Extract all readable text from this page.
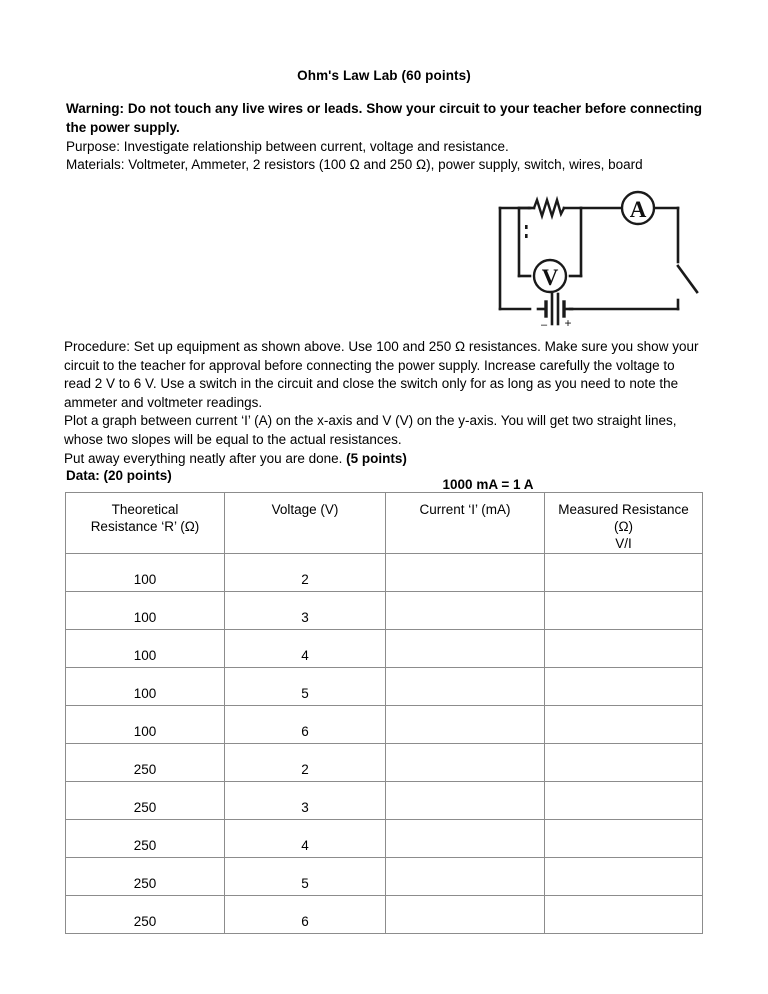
Ohm's Law Lab (60 points)
Warning: Do not touch any live wires or leads. Show your circuit to your teacher before connecting the power supply.
Purpose: Investigate relationship between current, voltage and resistance.
Materials: Voltmeter, Ammeter, 2 resistors (100 Ω and 250 Ω), power supply, switch, wires, board
A
V
– +

Procedure: Set up equipment as shown above. Use 100 and 250 Ω resistances. Make sure you show your circuit to the teacher for approval before connecting the power supply. Increase carefully the voltage to read 2 V to 6 V. Use a switch in the circuit and close the switch only for as long as you need to note the ammeter and voltmeter readings.

Plot a graph between current ‘I’ (A) on the x-axis and V (V) on the y-axis. You will get two straight lines, whose two slopes will be equal to the actual resistances.

Put away everything neatly after you are done. (5 points)

Data: (20 points)
1000 mA = 1 A
Theoretical
Resistance ‘R’ (Ω)	Voltage (V)	Current ‘I’ (mA)	Measured Resistance
(Ω)
V/I

100	2		
100	3		
100	4		
100	5		
100	6		
250	2		
250	3		
250	4		
250	5		
250	6		
